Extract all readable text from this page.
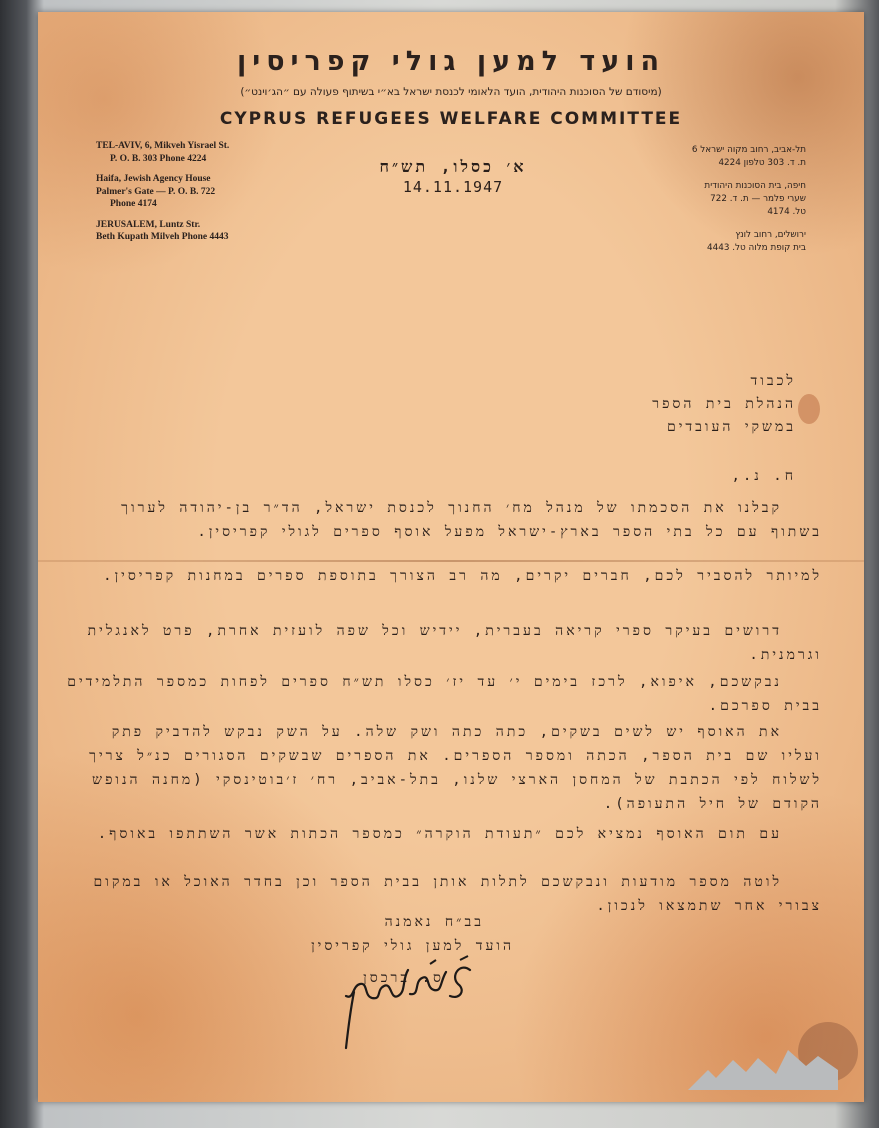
הועד למען גולי קפריסין
(מיסודם של הסוכנות היהודית, הועד הלאומי לכנסת ישראל בא״י בשיתוף פעולה עם ״הג׳וינט״)
CYPRUS REFUGEES WELFARE COMMITTEE
TEL-AVIV, 6, Mikveh Yisrael St.
P. O. B. 303 Phone 4224
Haifa, Jewish Agency House
Palmer's Gate — P. O. B. 722
Phone 4174
JERUSALEM, Luntz Str.
Beth Kupath Milveh Phone 4443
תל-אביב, רחוב מקוה ישראל 6
ת. ד. 303 טלפון 4224
חיפה, בית הסוכנות היהודית
שערי פלמר — ת. ד. 722
טל. 4174
ירושלים, רחוב לונץ
בית קופת מלוה טל. 4443
א׳ כסלו, תש״ח
14.11.1947
לכבוד
הנהלת בית הספר
במשקי העובדים
ח. נ.,
קבלנו את הסכמתו של מנהל מח׳ החנוך לכנסת ישראל, הד״ר בן-יהודה לערוך בשתוף עם כל בתי הספר בארץ-ישראל מפעל אוסף ספרים לגולי קפריסין.
למיותר להסביר לכם, חברים יקרים, מה רב הצורך בתוספת ספרים במחנות קפריסין.
דרושים בעיקר ספרי קריאה בעברית, יידיש וכל שפה לועזית אחרת, פרט לאנגלית וגרמנית.
נבקשכם, איפוא, לרכז בימים י׳ עד יז׳ כסלו תש״ח ספרים לפחות כמספר התלמידים בבית ספרכם.
את האוסף יש לשים בשקים, כתה כתה ושק שלה. על השק נבקש להדביק פתק ועליו שם בית הספר, הכתה ומספר הספרים. את הספרים שבשקים הסגורים כנ״ל צריך לשלוח לפי הכתבת של המחסן הארצי שלנו, בתל-אביב, רח׳ ז׳בוטינסקי (מחנה הנופש הקודם של חיל התעופה).
עם תום האוסף נמציא לכם ״תעודת הוקרה״ כמספר הכתות אשר השתתפו באוסף.
לוטה מספר מודעות ונבקשכם לתלות אותן בבית הספר וכן בחדר האוכל או במקום צבורי אחר שתמצאו לנכון.
בב״ח נאמנה
הועד למען גולי קפריסין
ס. ברכסן
